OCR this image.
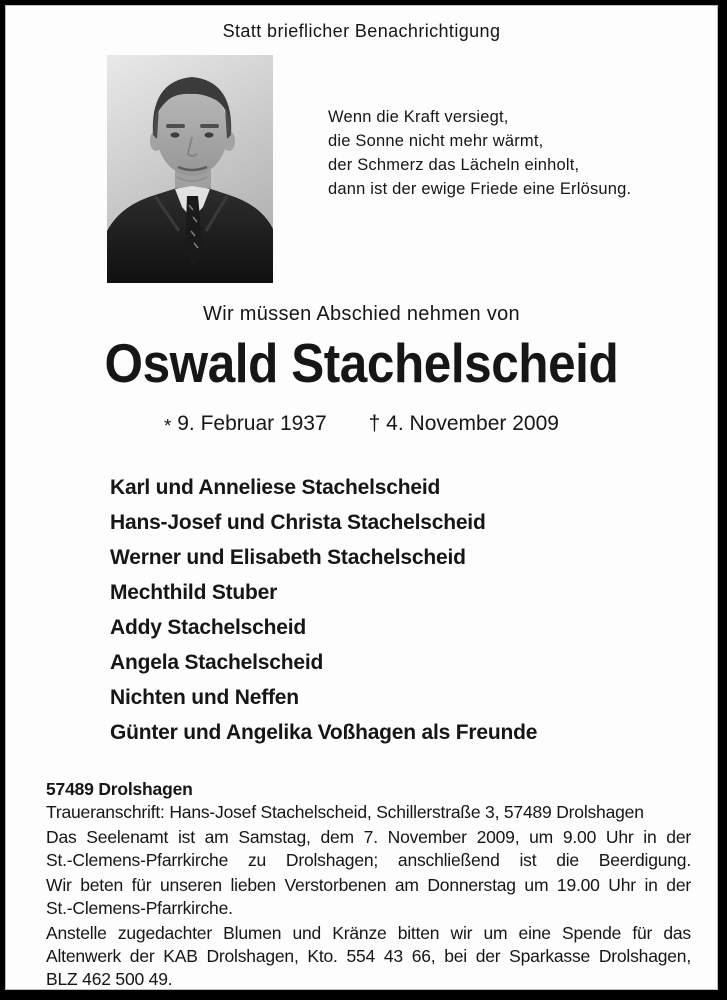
Statt brieflicher Benachrichtigung
Wenn die Kraft versiegt,
die Sonne nicht mehr wärmt,
der Schmerz das Lächeln einholt,
dann ist der ewige Friede eine Erlösung.
Wir müssen Abschied nehmen von
Oswald Stachelscheid
* 9. Februar 1937 † 4. November 2009
Karl und Anneliese Stachelscheid
Hans-Josef und Christa Stachelscheid
Werner und Elisabeth Stachelscheid
Mechthild Stuber
Addy Stachelscheid
Angela Stachelscheid
Nichten und Neffen
Günter und Angelika Voßhagen als Freunde
57489 Drolshagen
Traueranschrift: Hans-Josef Stachelscheid, Schillerstraße 3, 57489 Drolshagen
Das Seelenamt ist am Samstag, dem 7. November 2009, um 9.00 Uhr in der
St.-Clemens-Pfarrkirche zu Drolshagen; anschließend ist die Beerdigung.
Wir beten für unseren lieben Verstorbenen am Donnerstag um 19.00 Uhr in der
St.-Clemens-Pfarrkirche.
Anstelle zugedachter Blumen und Kränze bitten wir um eine Spende für das
Altenwerk der KAB Drolshagen, Kto. 554 43 66, bei der Sparkasse Drolshagen,
BLZ 462 500 49.
